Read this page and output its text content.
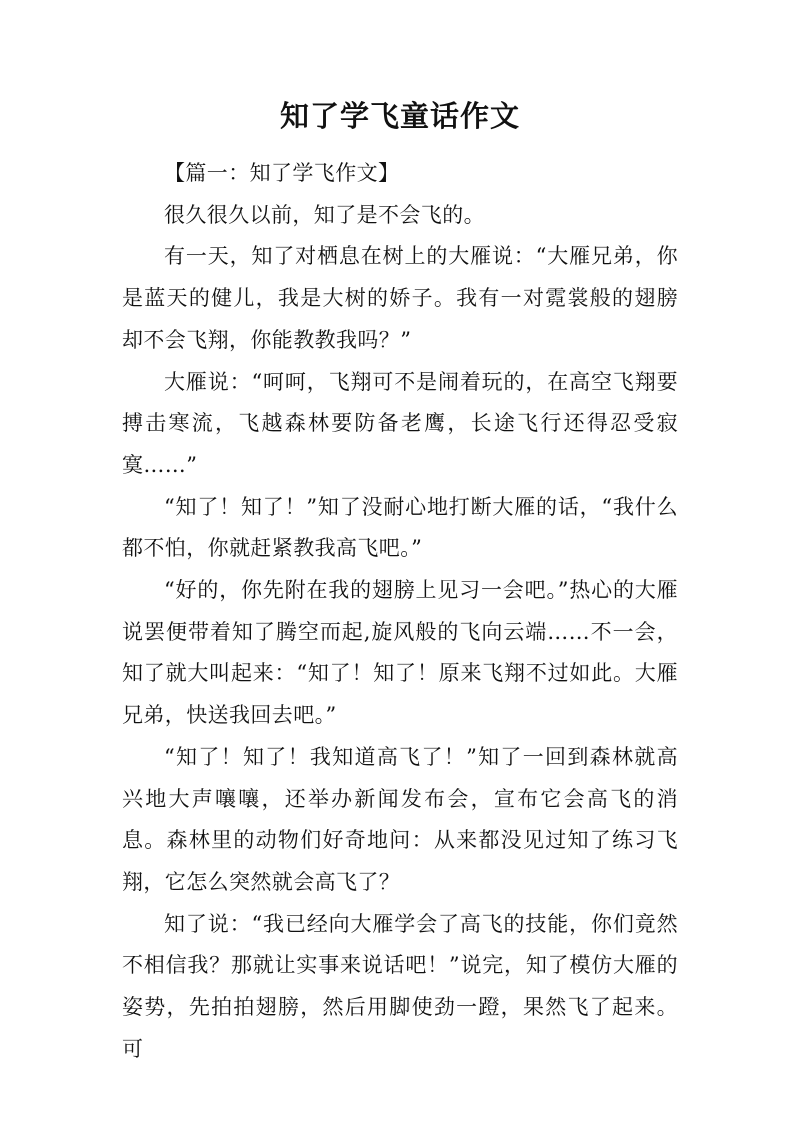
知了学飞童话作文

【篇一：知了学飞作文】

很久很久以前，知了是不会飞的。

有一天，知了对栖息在树上的大雁说：“大雁兄弟，你是蓝天的健儿，我是大树的娇子。我有一对霓裳般的翅膀却不会飞翔，你能教教我吗？”

大雁说：“呵呵，飞翔可不是闹着玩的，在高空飞翔要搏击寒流，飞越森林要防备老鹰，长途飞行还得忍受寂寞……”

“知了！知了！”知了没耐心地打断大雁的话，“我什么都不怕，你就赶紧教我高飞吧。”

“好的，你先附在我的翅膀上见习一会吧。”热心的大雁说罢便带着知了腾空而起,旋风般的飞向云端……不一会，知了就大叫起来：“知了！知了！原来飞翔不过如此。大雁兄弟，快送我回去吧。”

“知了！知了！我知道高飞了！”知了一回到森林就高兴地大声嚷嚷，还举办新闻发布会，宣布它会高飞的消息。森林里的动物们好奇地问：从来都没见过知了练习飞翔，它怎么突然就会高飞了？

知了说：“我已经向大雁学会了高飞的技能，你们竟然不相信我？那就让实事来说话吧！”说完，知了模仿大雁的姿势，先拍拍翅膀，然后用脚使劲一蹬，果然飞了起来。可
